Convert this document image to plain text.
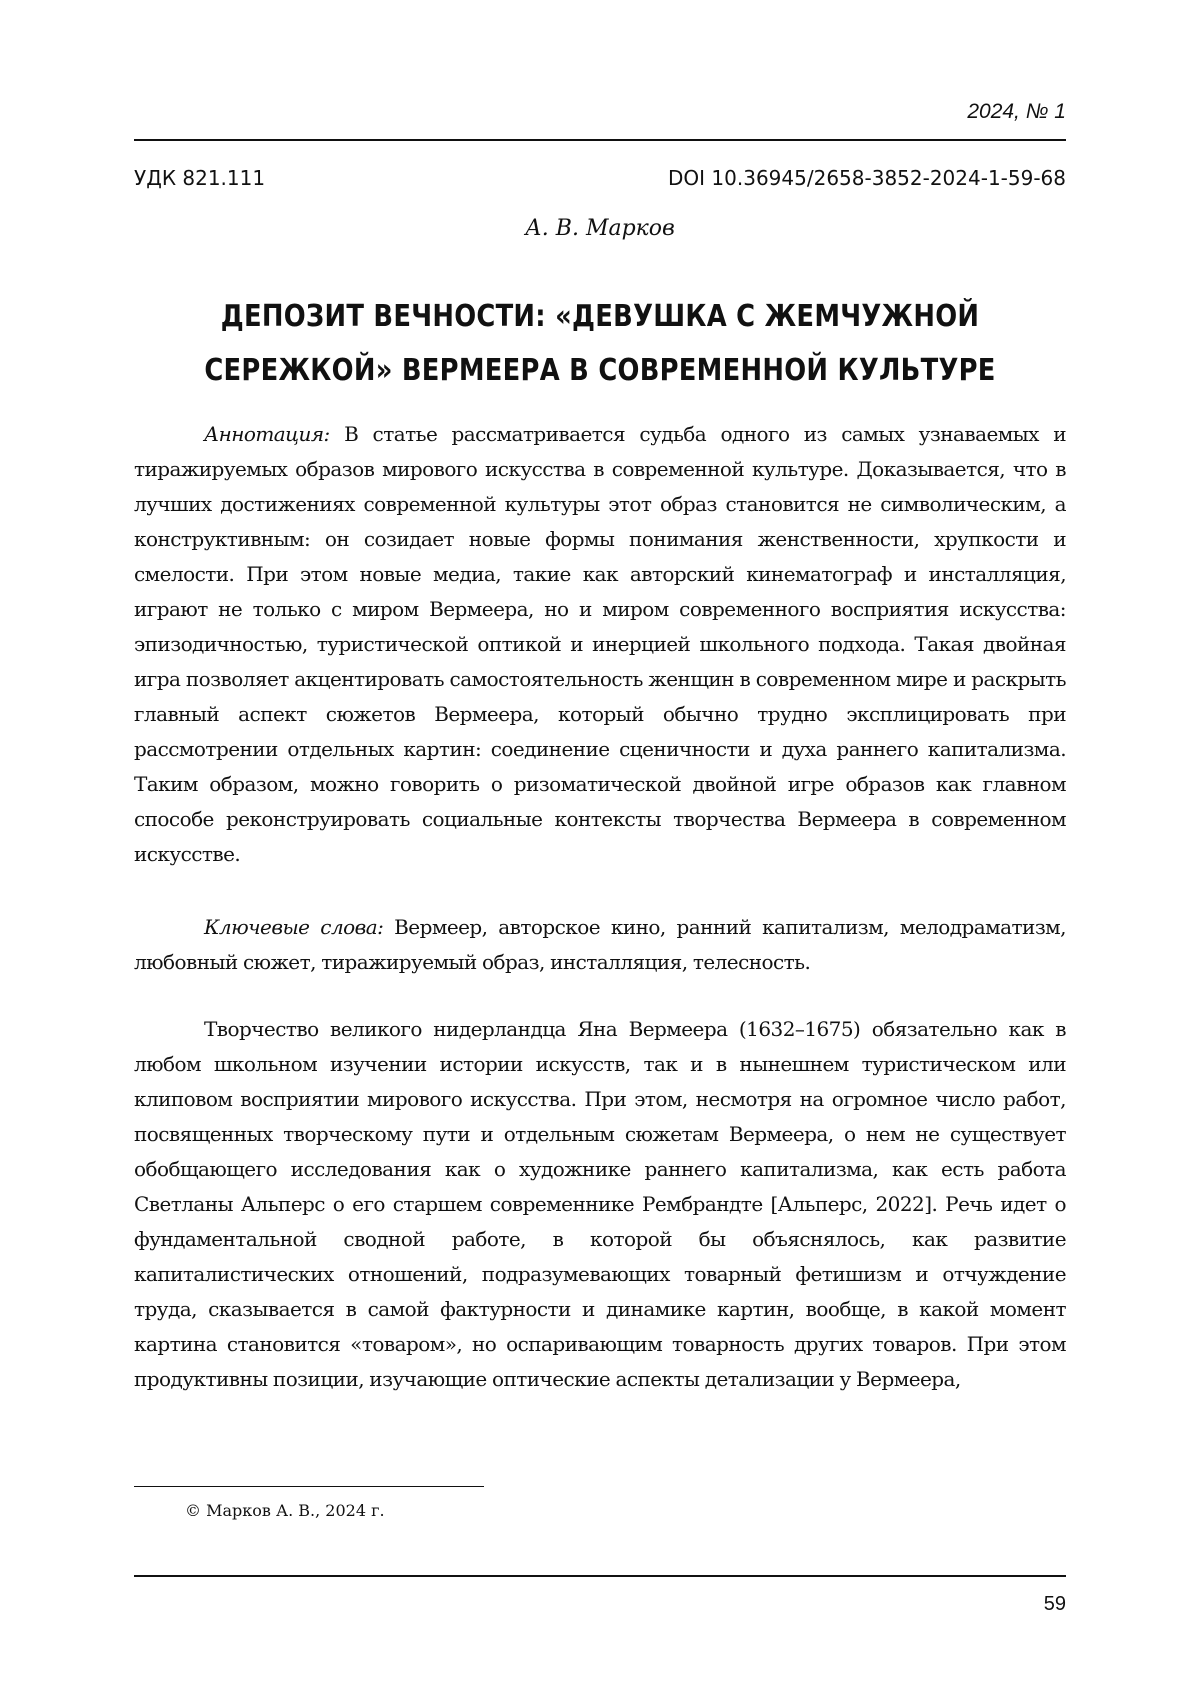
2024, № 1
УДК 821.111	DOI 10.36945/2658-3852-2024-1-59-68
А. В. Марков
ДЕПОЗИТ ВЕЧНОСТИ: «ДЕВУШКА С ЖЕМЧУЖНОЙ
СЕРЕЖКОЙ» ВЕРМЕЕРА В СОВРЕМЕННОЙ КУЛЬТУРЕ

Аннотация: В статье рассматривается судьба одного из самых узнаваемых и тиражируемых образов мирового искусства в современной культуре. Доказывается, что в лучших достижениях современной культуры этот образ становится не символическим, а конструктивным: он созидает новые формы понимания женственности, хрупкости и смелости. При этом новые медиа, такие как авторский кинематограф и инсталляция, играют не только с миром Вермеера, но и миром современного восприятия искусства: эпизодичностью, туристической оптикой и инерцией школьного подхода. Такая двойная игра позволяет акцентировать самостоятельность женщин в современном мире и раскрыть главный аспект сюжетов Вермеера, который обычно трудно эксплицировать при рассмотрении отдельных картин: соединение сценичности и духа раннего капитализма. Таким образом, можно говорить о ризоматической двойной игре образов как главном способе реконструировать социальные контексты творчества Вермеера в современном искусстве.

Ключевые слова: Вермеер, авторское кино, ранний капитализм, мелодраматизм, любовный сюжет, тиражируемый образ, инсталляция, телесность.

Творчество великого нидерландца Яна Вермеера (1632–1675) обязательно как в любом школьном изучении истории искусств, так и в нынешнем туристическом или клиповом восприятии мирового искусства. При этом, несмотря на огромное число работ, посвященных творческому пути и отдельным сюжетам Вермеера, о нем не существует обобщающего исследования как о художнике раннего капитализма, как есть работа Светланы Альперс о его старшем современнике Рембрандте [Альперс, 2022]. Речь идет о фундаментальной сводной работе, в которой бы объяснялось, как развитие капиталистических отношений, подразумевающих товарный фетишизм и отчуждение труда, сказывается в самой фактурности и динамике картин, вообще, в какой момент картина становится «товаром», но оспаривающим товарность других товаров. При этом продуктивны позиции, изучающие оптические аспекты детализации у Вермеера,

© Марков А. В., 2024 г.
59
